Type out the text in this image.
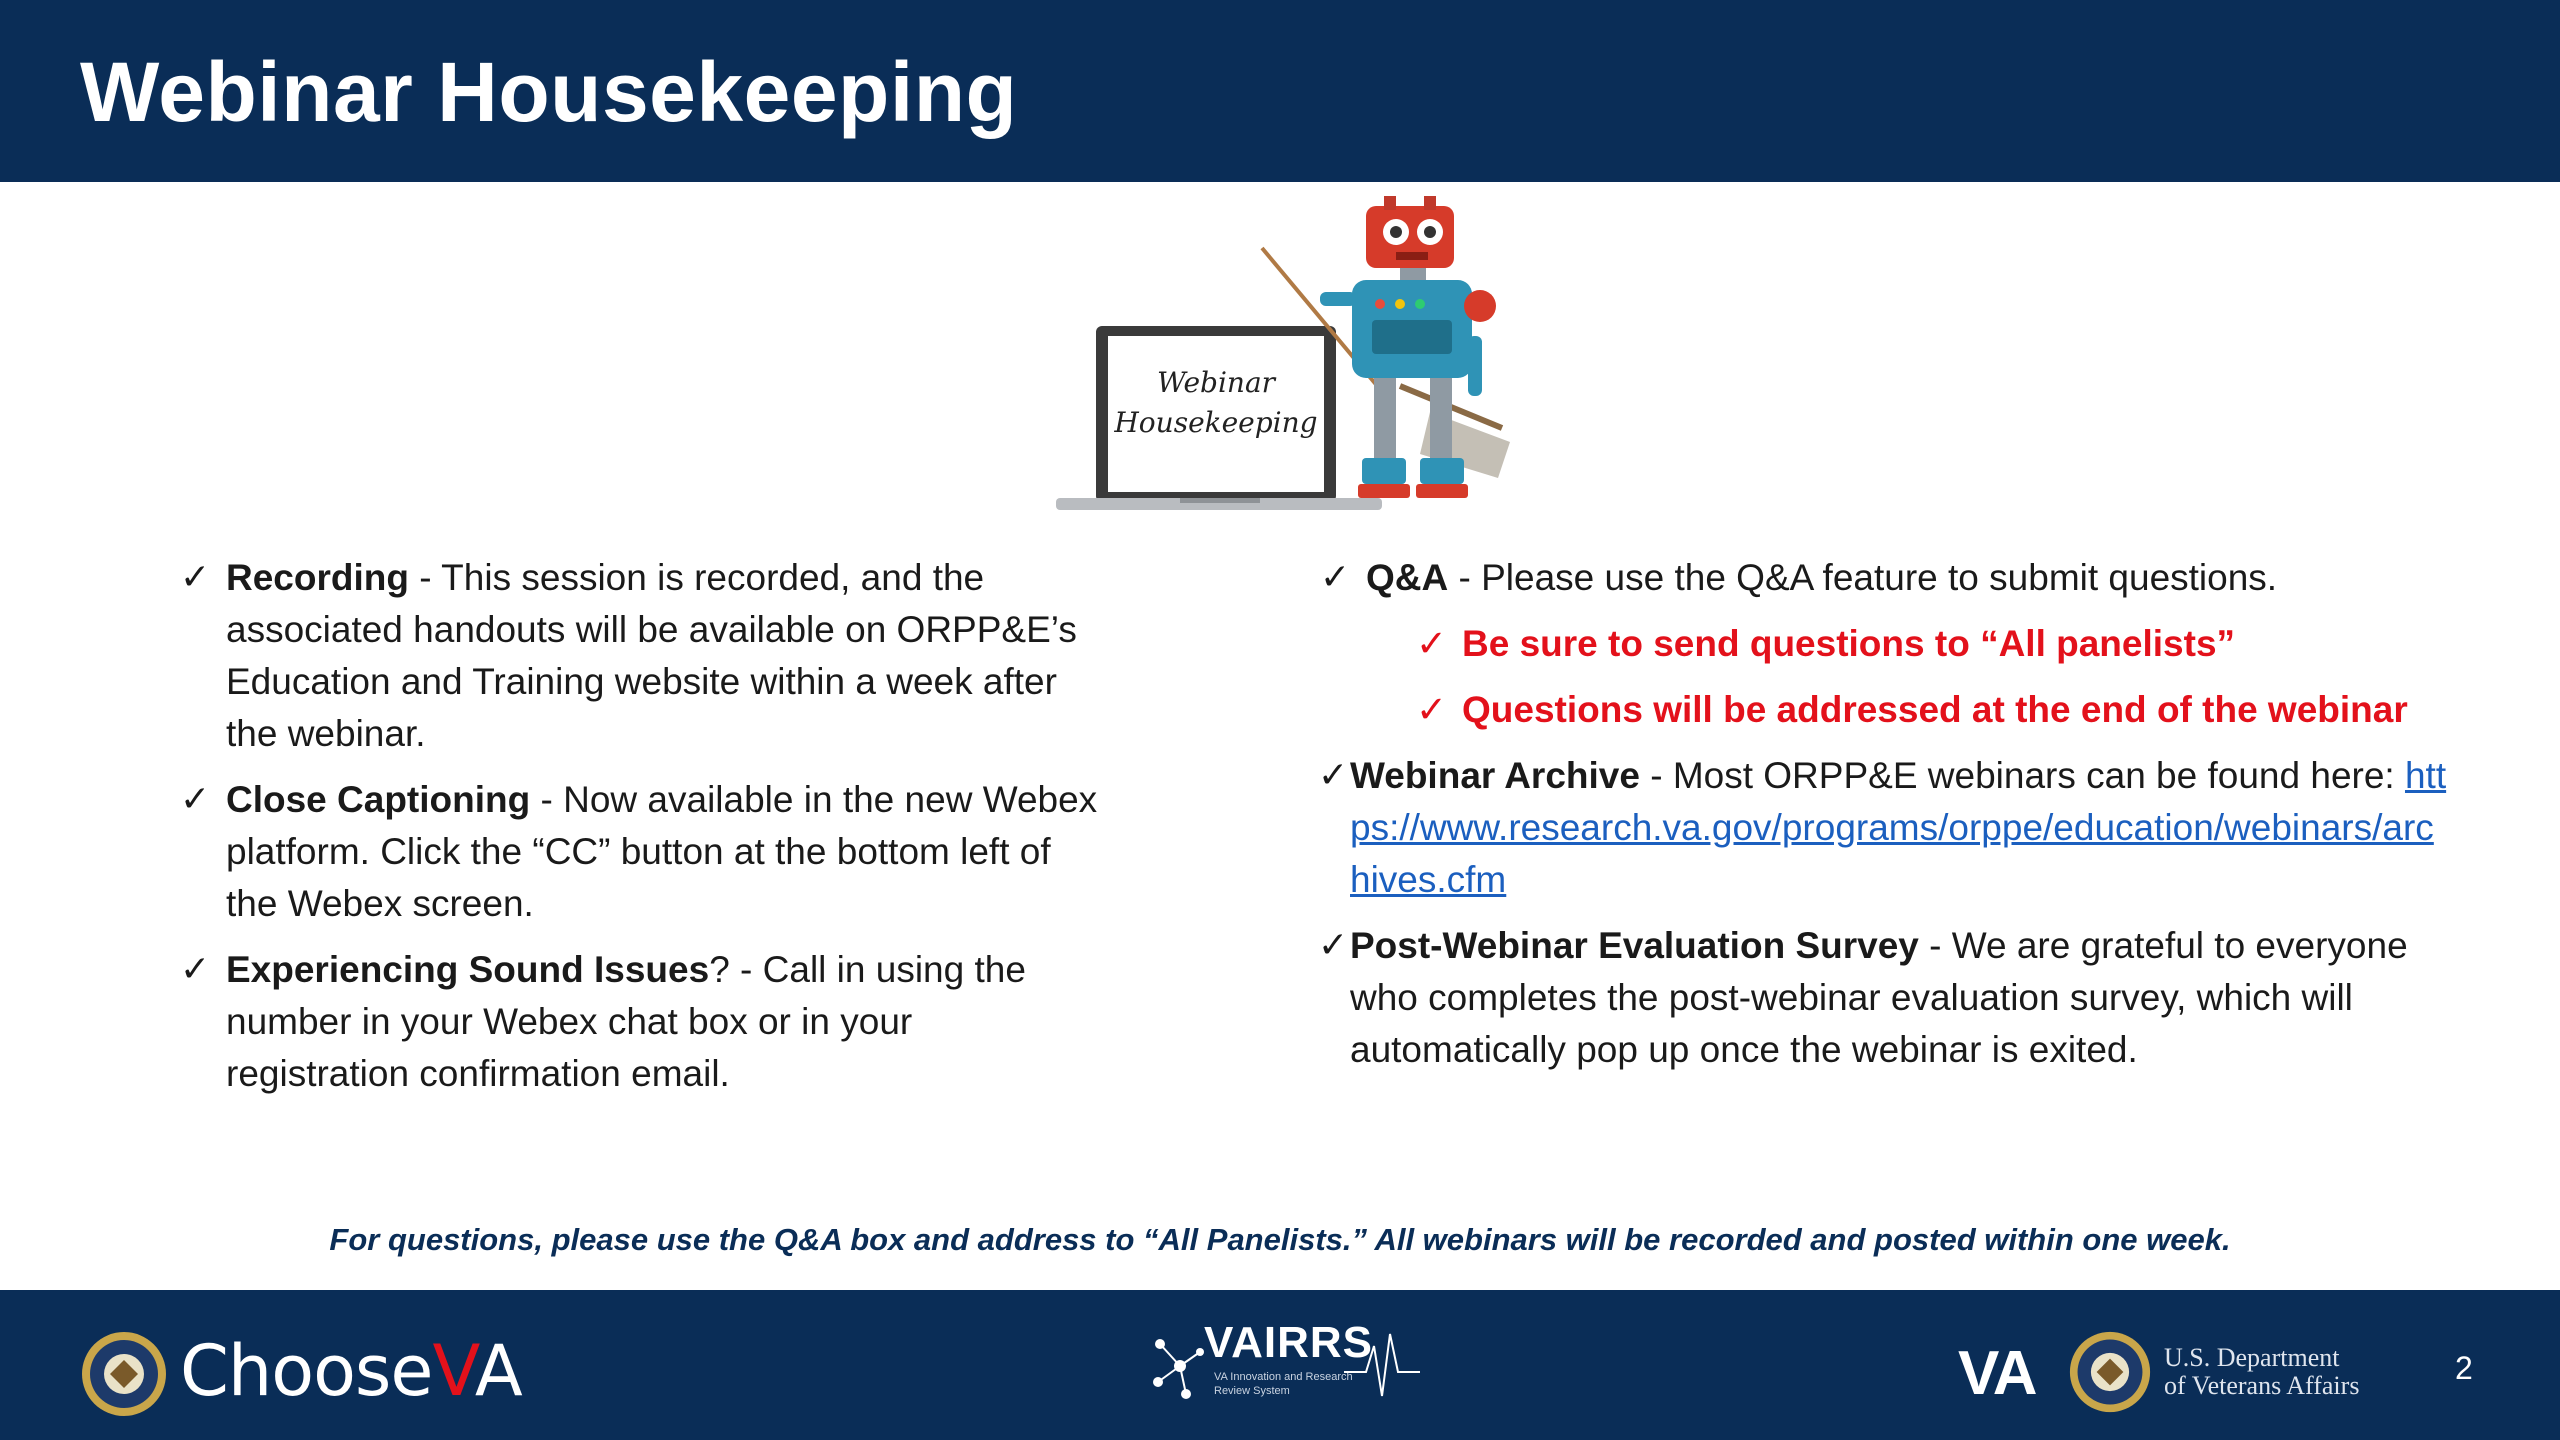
Webinar Housekeeping
Webinar
Housekeeping
✓ Recording - This session is recorded, and the associated handouts will be available on ORPP&E’s Education and Training website within a week after the webinar.
✓ Close Captioning - Now available in the new Webex platform. Click the “CC” button at the bottom left of the Webex screen.
✓ Experiencing Sound Issues? - Call in using the number in your Webex chat box or in your registration confirmation email.
✓ Q&A - Please use the Q&A feature to submit questions.
✓ Be sure to send questions to “All panelists”
✓ Questions will be addressed at the end of the webinar
✓ Webinar Archive - Most ORPP&E webinars can be found here: https://www.research.va.gov/programs/orppe/education/webinars/archives.cfm
✓ Post-Webinar Evaluation Survey - We are grateful to everyone who completes the post-webinar evaluation survey, which will automatically pop up once the webinar is exited.
For questions, please use the Q&A box and address to “All Panelists.” All webinars will be recorded and posted within one week.
ChooseVA	VAIRRS
VA Innovation and Research Review System	VA	U.S. Department
of Veterans Affairs	2
